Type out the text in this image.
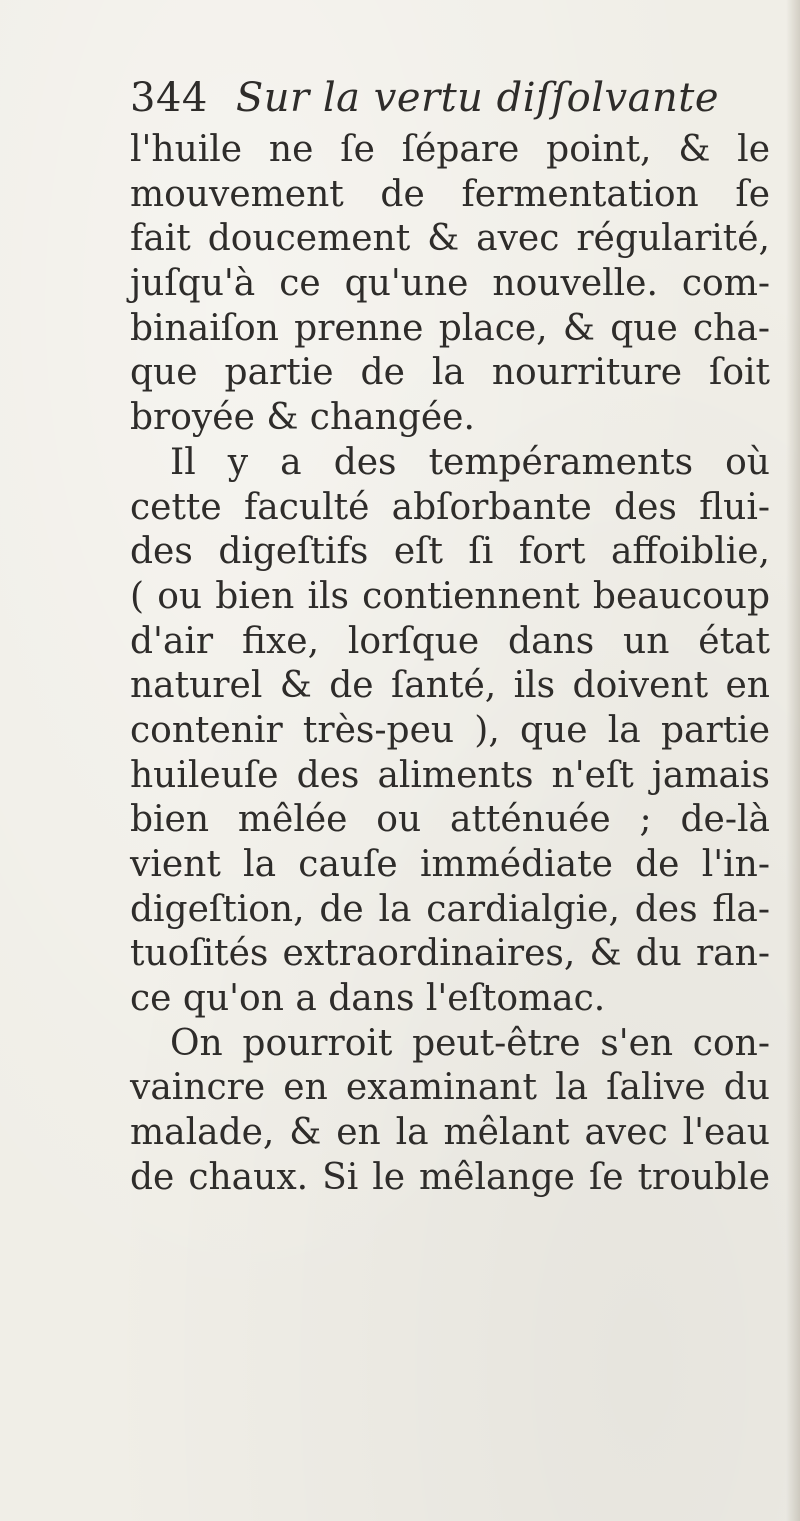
344 Sur la vertu diſſolvante
l'huile ne ſe ſépare point, & le
mouvement de fermentation ſe
fait doucement & avec régularité,
juſqu'à ce qu'une nouvelle. com-
binaiſon prenne place, & que cha-
que partie de la nourriture ſoit
broyée & changée.
Il y a des tempéraments où
cette faculté abſorbante des flui-
des digeſtifs eſt ſi fort affoiblie,
( ou bien ils contiennent beaucoup
d'air fixe, lorſque dans un état
naturel & de ſanté, ils doivent en
contenir très-peu ), que la partie
huileuſe des aliments n'eſt jamais
bien mêlée ou atténuée ; de-là
vient la cauſe immédiate de l'in-
digeſtion, de la cardialgie, des fla-
tuoſités extraordinaires, & du ran-
ce qu'on a dans l'eſtomac.
On pourroit peut-être s'en con-
vaincre en examinant la ſalive du
malade, & en la mêlant avec l'eau
de chaux. Si le mêlange ſe trouble
